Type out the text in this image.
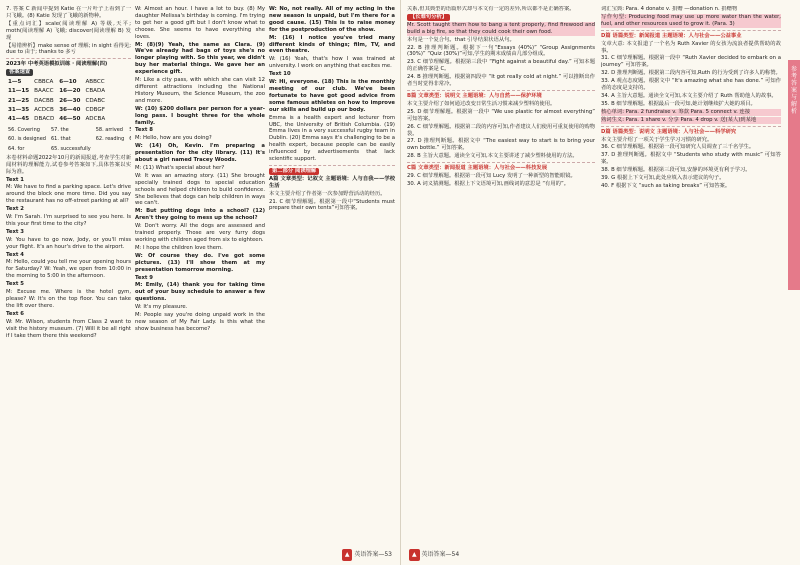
7. 答案 C 新闻中提到 Katie 在一片叶子上看到了一只飞蛾。(8) Katie 发现了飞蛾的新物种。
【重点词汇】scale(阅读理解 A) 等级,天平; moth(阅读理解 A) 飞蛾; discover(阅读理解 B) 发现
【易错辨析】make sense of 理解; in sight 看得见; due to 由于; thanks to 多亏
2023年 中考英语模拟训练 · 阅读理解(四)
答案速查
1—5	CBBCA	6—10	ABBCC
11—15	BAACC	16—20	CBADA
21—25	DACBB	26—30	CDABC
31—35	ACDCB	36—40	CDBGF
41—45	DBACD	46—50	ADCBA
56. Covering	57. the	58. arrived	
60. is designed	61. that	62. reading	
64. for	65. successfully		
本卷材料命题2022年10月的新闻报道,考查学生对新闻材料的理解能力,试卷参考答案如下,具体答案以实际为准。
Text 1
M: We have to find a parking space. Let's drive around the block one more time. Did you say the restaurant has no off-street parking at all?
Text 2
W: I'm Sarah. I'm surprised to see you here. Is this your first time to the city?
Text 3
W: You have to go now, Jody, or you'll miss your flight. It's an hour's drive to the airport.
Text 4
M: Hello, could you tell me your opening hours for Saturday? W: Yeah, we open from 10:00 in the morning to 5:00 in the afternoon.
Text 5
M: Excuse me. Where is the hotel gym, please? W: It's on the top floor. You can take the lift over there.
Text 6
W: Mr. Wilson, students from Class 2 want to visit the history museum. (7) Will it be all right if I take them there this weekend?
W: Almost an hour. I have a lot to buy. (8) My daughter Melissa's birthday is coming. I'm trying to get her a good gift but I don't know what to choose. She seems to have everything she loves.
M: (8)(9) Yeah, the same as Clara. (9) We've already had bags of toys she's no longer playing with. So this year, we didn't buy her material things. We gave her an experience gift.
M: Like a city pass, with which she can visit 12 different attractions including the National History Museum, the Science Museum, the zoo and more.
W: (10) $200 dollars per person for a year-long pass. I bought three for the whole family.
Text 8
M: Hello, how are you doing?
W: (14) Oh, Kevin. I'm preparing a presentation for the city library. (11) It's about a girl named Tracey Woods.
M: (11) What's special about her?
W: It was an amazing story. (11) She brought specially trained dogs to special education schools and helped children to build confidence. She believes that dogs can help children in ways we can't.
M: But putting dogs into a school? (12) Aren't they going to mess up the school?
W: Don't worry. All the dogs are assessed and trained properly. Those are very furry dogs working with children aged from six to eighteen.
M: I hope the children love them.
W: Of course they do. I've got some pictures. (13) I'll show them at my presentation tomorrow morning.
Text 9
M: Emily, (14) thank you for taking time out of your busy schedule to answer a few questions.
W: It's my pleasure.
M: People say you're doing unpaid work in the new season of My Fair Lady. Is this what the show business has become?
W: No, not really. All of my acting in the new season is unpaid, but I'm there for a good cause. (15) This is to raise money for the postproduction of the show.
M: (16) I notice you've tried many different kinds of things; film, TV, and even theatre.
W: (16) Yeah, that's how I was trained at university. I work on anything that excites me.
Text 10
W: Hi, everyone. (18) This is the monthly meeting of our club. We've been fortunate to have got good advice from some famous athletes on how to improve our skills and build up our body.
Emma is a health expert and lecturer from UBC, the University of British Columbia. (19) Emma lives in a very successful rugby team in Dublin. (20) Emma says it's challenging to be a health expert, because people can be easily influenced by advertisements that lack scientific support.
第二部分 阅读理解
A篇 文章类型：记叙文 主题语境：人与自我——学校生活
本文主要介绍了作者第一次参加野营活动的经历。
21. C 细节理解题。根据第一段中“Students must prepare their own tents”可知答案。
▲ 英语答案—53
关系,但其典型的语篇形式却与本文有一定的差异,所以都不是正确答案。
【长难句分析】
Mr. Scott taught them how to bang a tent properly, find firewood and build a big fire, so that they could cook their own food.
本句是一个复合句。that 引导结果状语从句。
22. B 推理判断题。根据下一句“Essays (40%)” “Group Assignments (30%)” “Quiz (30%)”可知,学生的期末成绩由几部分组成。
23. C 细节理解题。根据第三段中 “Fight against a beautiful day.” 可知本题的正确答案是 C。
24. B 推理判断题。根据第四段中 “It got really cold at night.” 可以推断出作者当时觉得非常冷。
B篇 文章类型：说明文 主题语境：人与自然——保护环境
本文主要介绍了如何通过改变日常生活习惯来减少塑料的使用。
25. D 细节理解题。根据第一段中 “We use plastic for almost everything” 可知答案。
26. C 细节理解题。根据第二段的内容可知,作者建议人们使用可重复使用的购物袋。
27. D 推理判断题。根据文中 “The easiest way to start is to bring your own bottle.” 可知答案。
28. B 主旨大意题。通读全文可知,本文主要讲述了减少塑料使用的方法。
C篇 文章类型：新闻报道 主题语境：人与社会——科技发展
29. C 细节理解题。根据第一段可知 Lucy 发明了一种新型的智能眼镜。
30. A 词义猜测题。根据上下文语境可知,画线词的意思是 “有用的”。
词汇宝典: Para. 4 donate v. 捐赠 —donation n. 捐赠物
写作句型: Producing food may use up more water than the water, fuel, and other resources used to grow it. (Para. 3)
D篇 语篇类型：新闻报道 主题语境：人与社会——公益事业
文章大意: 本文报道了一个名为 Ruth Xavier 的女孩为流浪者提供帮助的故事。
31. C 细节理解题。根据第一段中 “Ruth Xavier decided to embark on a journey” 可知答案。
32. D 推理判断题。根据第二段内容可知,Ruth 的行为受到了许多人的称赞。
33. A 观点态度题。根据文中 “It's amazing what she has done.” 可知作者的态度是支持的。
34. A 主旨大意题。通读全文可知,本文主要介绍了 Ruth 帮助他人的故事。
35. B 细节理解题。根据最后一段可知,她计划继续扩大她的项目。
核心单词: Para. 2 fundraise v. 筹款 Para. 5 connect v. 连接
熟词生义: Para. 1 share v. 分享 Para. 4 drop v. 送(某人)到某地
D篇 语篇类型：说明文 主题语境：人与社会——科学研究
本文主要介绍了一项关于学生学习习惯的研究。
36. C 细节理解题。根据第一段可知研究人员调查了三千名学生。
37. D 推理判断题。根据文中 “Students who study with music” 可知答案。
38. B 细节理解题。根据第三段可知,安静的环境更有利于学习。
39. G 根据上下文可知,此处应填入表示建议的句子。
40. F 根据下文 “such as taking breaks” 可知答案。
参
考
答
案
与
解
析
▲ 英语答案—54
